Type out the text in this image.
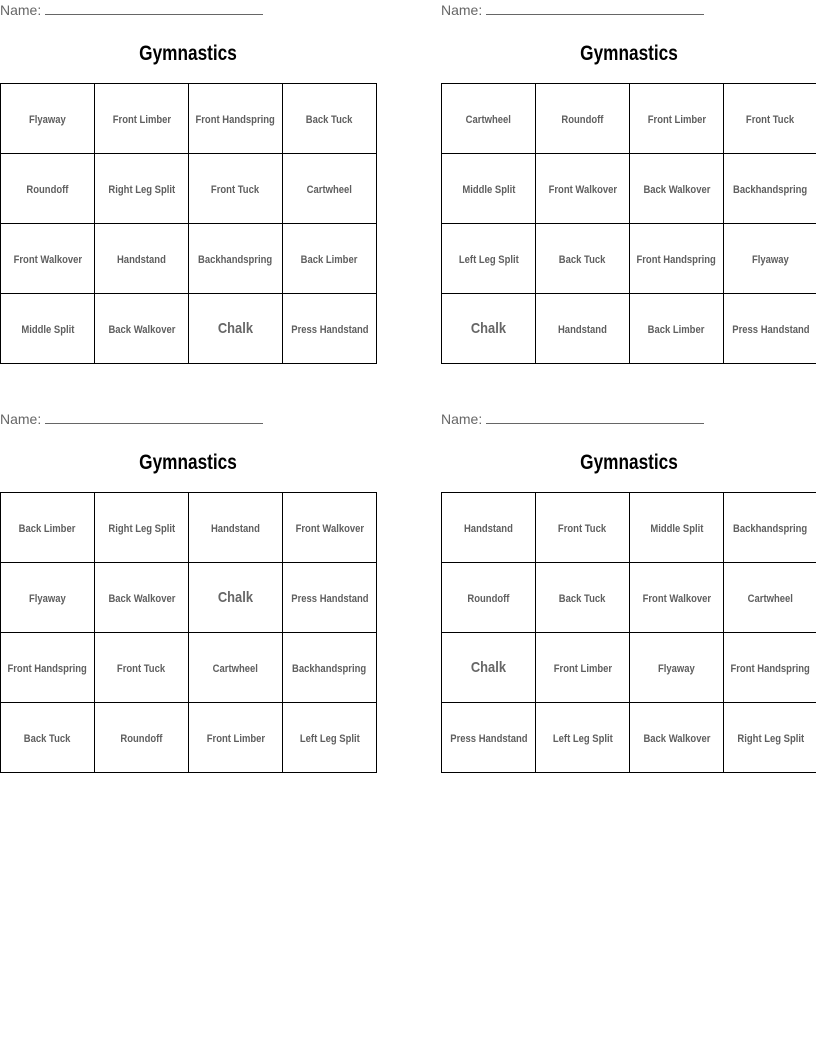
Name:
Gymnastics
Flyaway	Front Limber	Front Handspring	Back Tuck
Roundoff	Right Leg Split	Front Tuck	Cartwheel
Front Walkover	Handstand	Backhandspring	Back Limber
Middle Split	Back Walkover	Chalk	Press Handstand
Name:
Gymnastics
Cartwheel	Roundoff	Front Limber	Front Tuck
Middle Split	Front Walkover	Back Walkover	Backhandspring
Left Leg Split	Back Tuck	Front Handspring	Flyaway
Chalk	Handstand	Back Limber	Press Handstand
Name:
Gymnastics
Back Limber	Right Leg Split	Handstand	Front Walkover
Flyaway	Back Walkover	Chalk	Press Handstand
Front Handspring	Front Tuck	Cartwheel	Backhandspring
Back Tuck	Roundoff	Front Limber	Left Leg Split
Name:
Gymnastics
Handstand	Front Tuck	Middle Split	Backhandspring
Roundoff	Back Tuck	Front Walkover	Cartwheel
Chalk	Front Limber	Flyaway	Front Handspring
Press Handstand	Left Leg Split	Back Walkover	Right Leg Split
